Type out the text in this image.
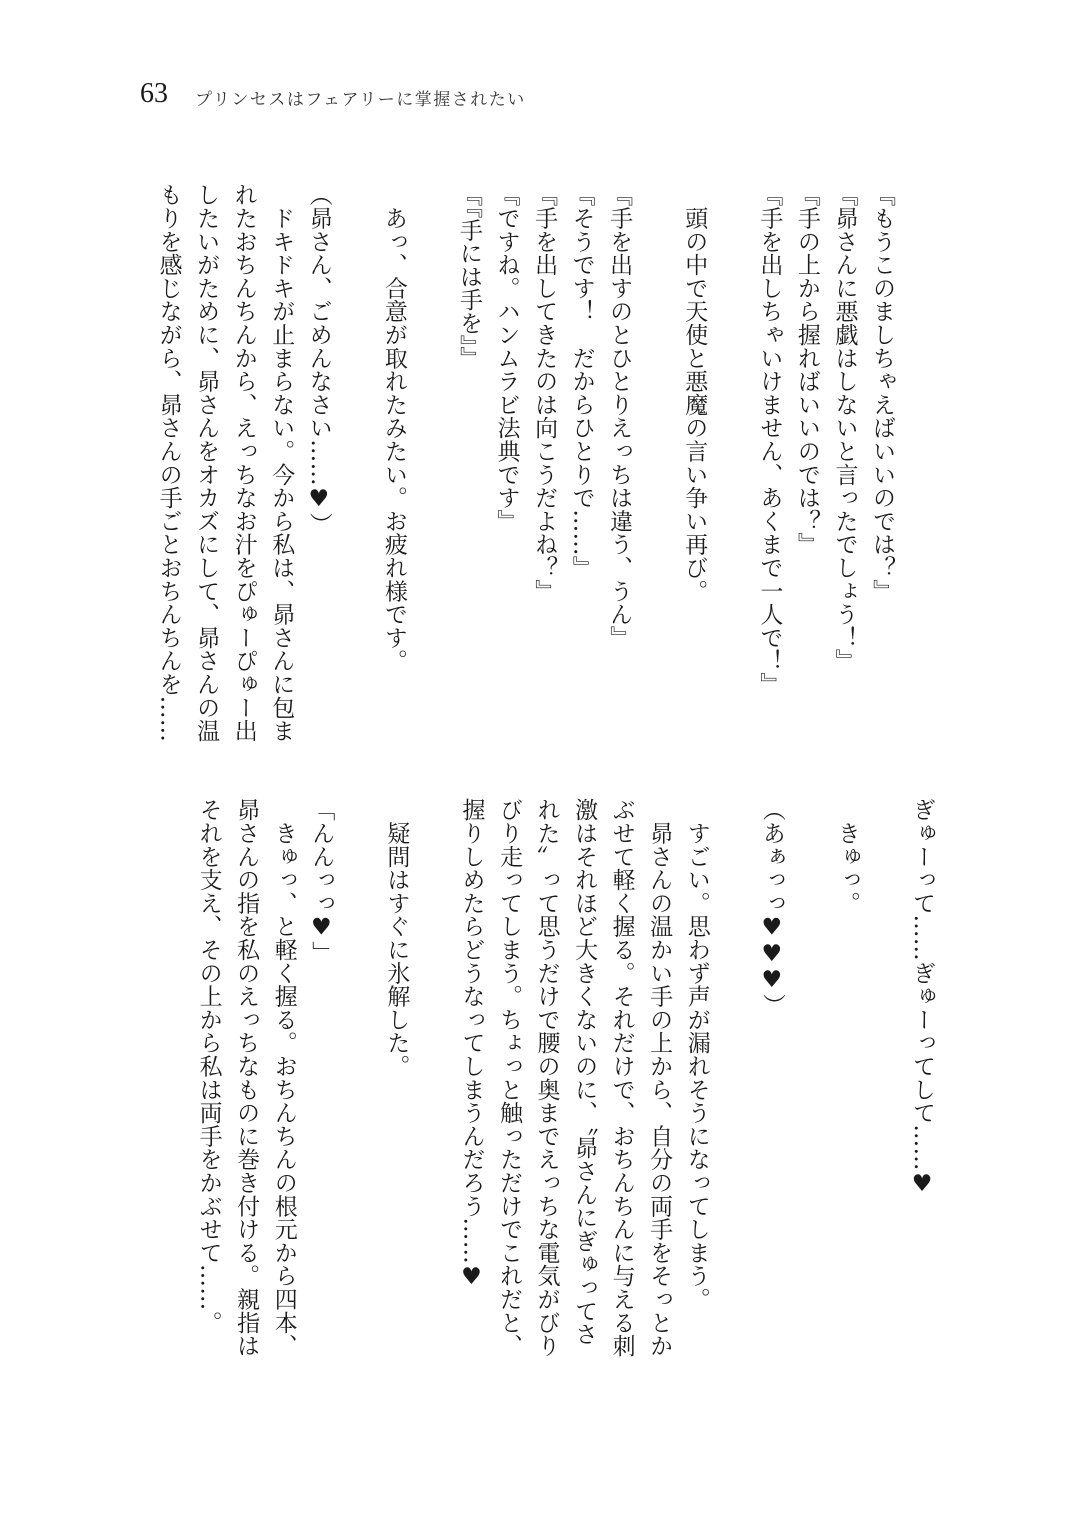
63 プリンセスはフェアリーに掌握されたい
『もうこのましちゃえばいいのでは？』
『昴さんに悪戯はしないと言ったでしょう！』
『手の上から握ればいいのでは？』
『手を出しちゃいけません、あくまで一人で！』
　頭の中で天使と悪魔の言い争い再び。
『手を出すのとひとりえっちは違う、うん』
『そうです！　だからひとりで……』
『手を出してきたのは向こうだよね？』
『ですね。ハンムラビ法典です』
『『手には手を』』
　あっ、合意が取れたみたい。お疲れ様です。
（昴さん、ごめんなさい……♥）
　ドキドキが止まらない。今から私は、昴さんに包ま
れたおちんちんから、えっちなお汁をぴゅーぴゅー出
したいがために、昴さんをオカズにして、昴さんの温
もりを感じながら、昴さんの手ごとおちんちんを……
ぎゅーって……ぎゅーってして……♥
　きゅっ。
（あぁっっ♥♥♥）
　すごい。思わず声が漏れそうになってしまう。
　昴さんの温かい手の上から、自分の両手をそっとか
ぶせて軽く握る。それだけで、おちんちんに与える刺
激はそれほど大きくないのに、〝昴さんにぎゅってさ
れた〟って思うだけで腰の奥までえっちな電気がびり
びり走ってしまう。ちょっと触っただけでこれだと、
握りしめたらどうなってしまうんだろう……♥
　疑問はすぐに氷解した。
「んんっっ♥」
　きゅっ、と軽く握る。おちんちんの根元から四本、
昴さんの指を私のえっちなものに巻き付ける。親指は
それを支え、その上から私は両手をかぶせて……。
